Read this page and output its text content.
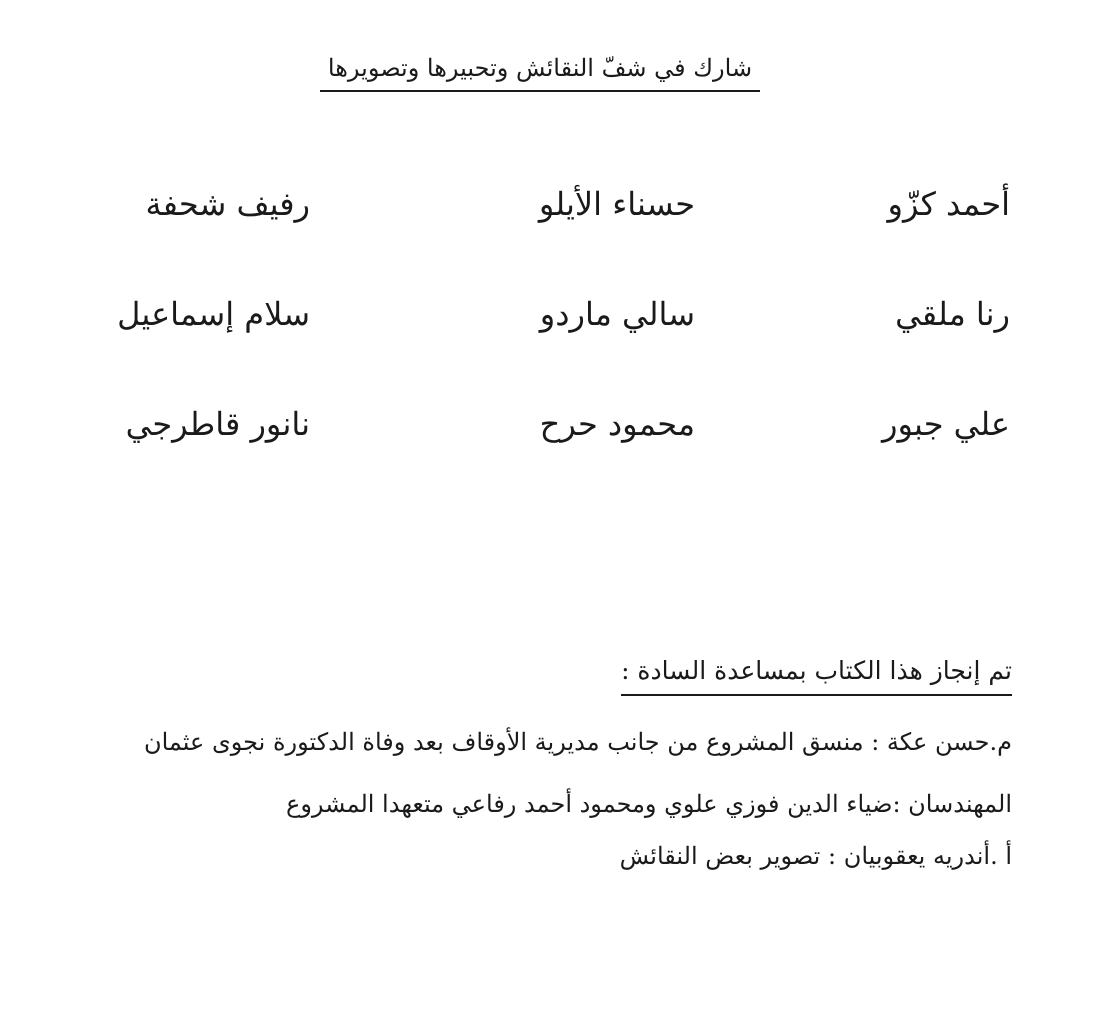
شارك في شفّ النقائش وتحبيرها وتصويرها
أحمد كزّو
حسناء الأيلو
رفيف شحفة
رنا ملقي
سالي ماردو
سلام إسماعيل
علي جبور
محمود حرح
نانور قاطرجي
تم إنجاز هذا الكتاب بمساعدة السادة :
م.حسن عكة : منسق المشروع من جانب مديرية الأوقاف بعد وفاة الدكتورة نجوى عثمان
المهندسان :ضياء الدين فوزي علوي ومحمود أحمد رفاعي متعهدا المشروع
أ .أندريه يعقوبيان : تصوير بعض النقائش
